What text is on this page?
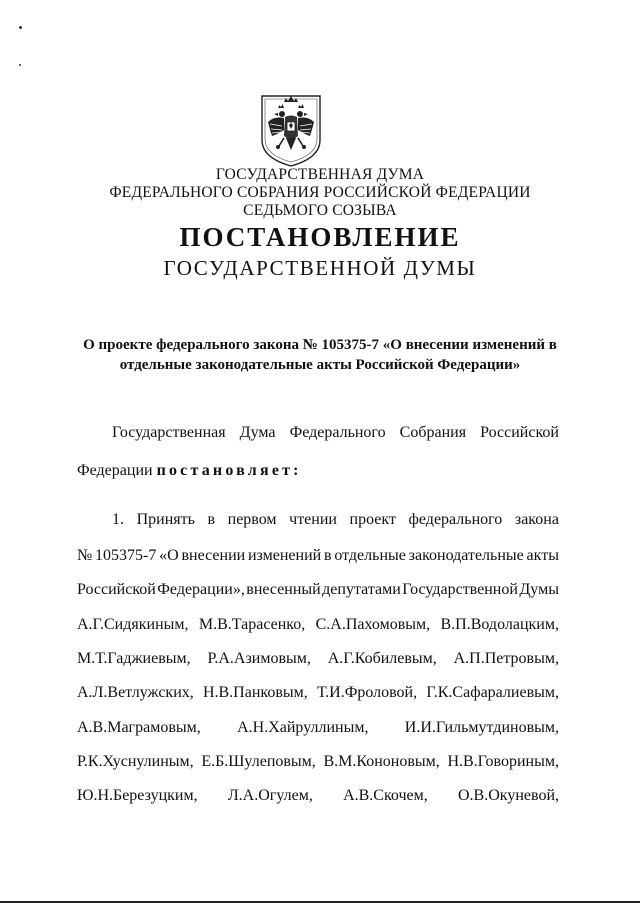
ГОСУДАРСТВЕННАЯ ДУМА
ФЕДЕРАЛЬНОГО СОБРАНИЯ РОССИЙСКОЙ ФЕДЕРАЦИИ
СЕДЬМОГО СОЗЫВА
ПОСТАНОВЛЕНИЕ
ГОСУДАРСТВЕННОЙ ДУМЫ
О проекте федерального закона № 105375-7 «О внесении изменений в
отдельные законодательные акты Российской Федерации»
Государственная Дума Федерального Собрания Российской
Федерации постановляет:
1. Принять в первом чтении проект федерального закона
№ 105375-7 «О внесении изменений в отдельные законодательные акты
Российской Федерации», внесенный депутатами Государственной Думы
А.Г.Сидякиным, М.В.Тарасенко, С.А.Пахомовым, В.П.Водолацким,
М.Т.Гаджиевым, Р.А.Азимовым, А.Г.Кобилевым, А.П.Петровым,
А.Л.Ветлужских, Н.В.Панковым, Т.И.Фроловой, Г.К.Сафаралиевым,
А.В.Маграмовым, А.Н.Хайруллиным, И.И.Гильмутдиновым,
Р.К.Хуснулиным, Е.Б.Шулеповым, В.М.Кононовым, Н.В.Говориным,
Ю.Н.Березуцким, Л.А.Огулем, А.В.Скочем, О.В.Окуневой,
